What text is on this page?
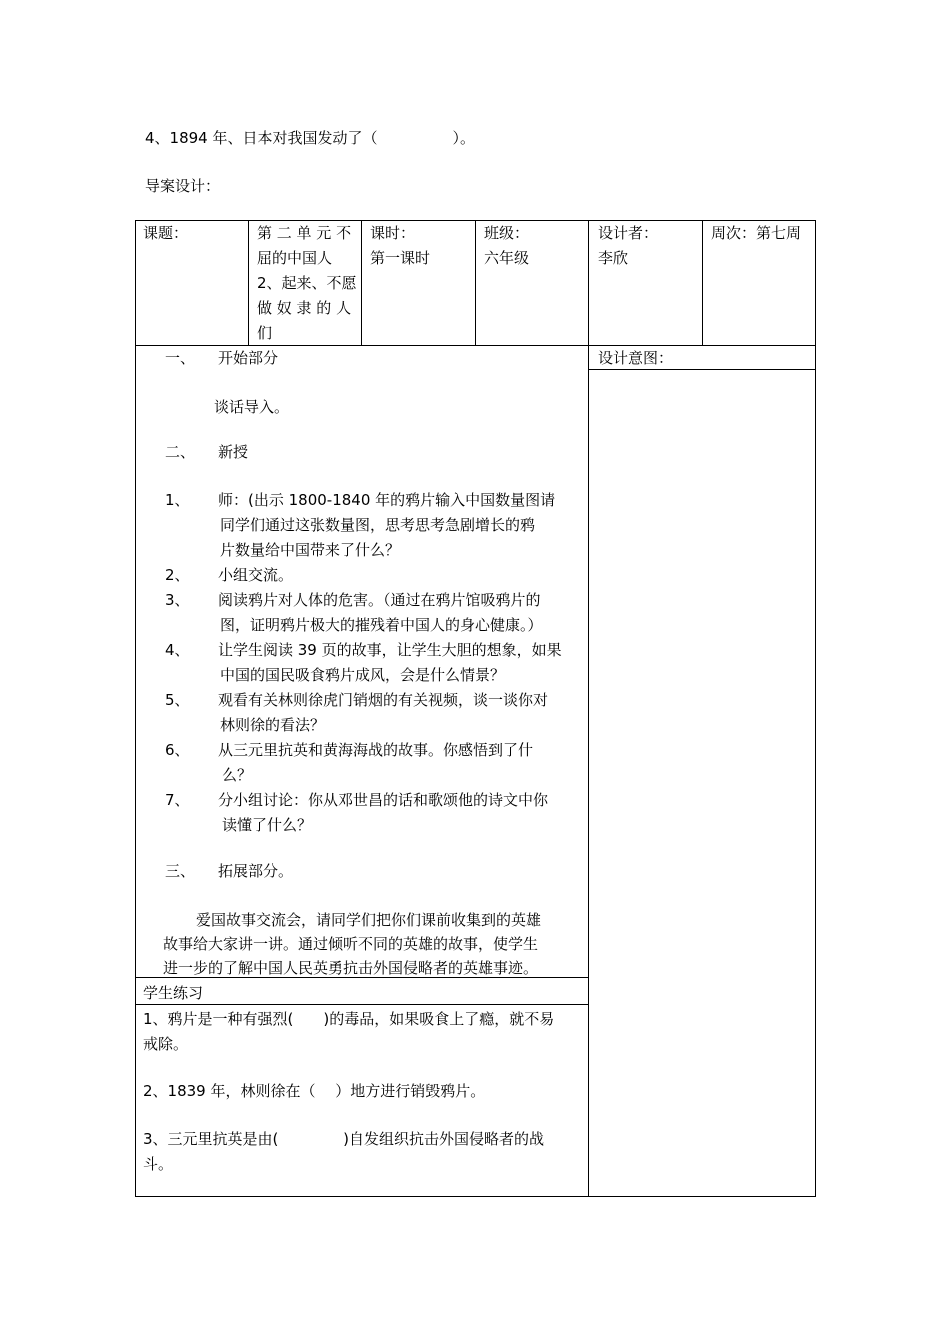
4、1894 年、日本对我国发动了（　　　　　）。
导案设计：
课题：	第 二 单 元 不
屈的中国人
2、起来、不愿
做 奴 隶 的 人
们
课时：
第一课时
班级：
六年级
设计者：
李欣
周次：第七周
设计意图：
一、 开始部分
谈话导入。
二、 新授
1、 师：(出示 1800-1840 年的鸦片输入中国数量图请
同学们通过这张数量图，思考思考急剧增长的鸦
片数量给中国带来了什么？
2、 小组交流。
3、 阅读鸦片对人体的危害。（通过在鸦片馆吸鸦片的
图，证明鸦片极大的摧残着中国人的身心健康。）
4、 让学生阅读 39 页的故事，让学生大胆的想象，如果
中国的国民吸食鸦片成风，会是什么情景？
5、 观看有关林则徐虎门销烟的有关视频，谈一谈你对
林则徐的看法？
6、 从三元里抗英和黄海海战的故事。你感悟到了什
么？
7、 分小组讨论：你从邓世昌的话和歌颂他的诗文中你
读懂了什么？
三、 拓展部分。
爱国故事交流会，请同学们把你们课前收集到的英雄
故事给大家讲一讲。通过倾听不同的英雄的故事，使学生
进一步的了解中国人民英勇抗击外国侵略者的英雄事迹。
学生练习
1、鸦片是一种有强烈(　　)的毒品，如果吸食上了瘾，就不易
戒除。
2、1839 年，林则徐在（　 ）地方进行销毁鸦片。
3、三元里抗英是由(　　　　 )自发组织抗击外国侵略者的战
斗。
